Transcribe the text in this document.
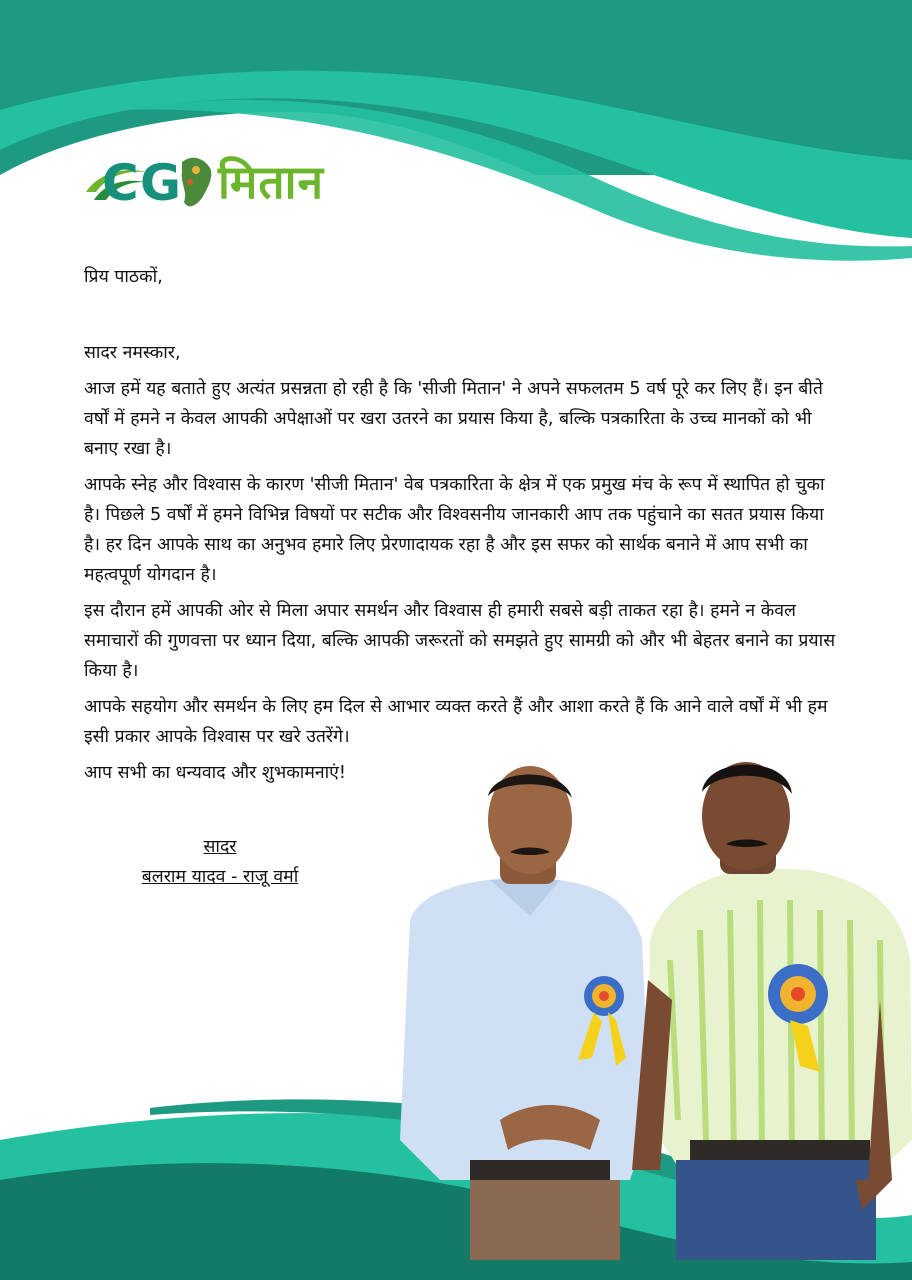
C G मितान

प्रिय पाठकों,

सादर नमस्कार,

आज हमें यह बताते हुए अत्यंत प्रसन्नता हो रही है कि 'सीजी मितान' ने अपने सफलतम 5 वर्ष पूरे कर लिए हैं। इन बीते वर्षों में हमने न केवल आपकी अपेक्षाओं पर खरा उतरने का प्रयास किया है, बल्कि पत्रकारिता के उच्च मानकों को भी बनाए रखा है।

आपके स्नेह और विश्वास के कारण 'सीजी मितान' वेब पत्रकारिता के क्षेत्र में एक प्रमुख मंच के रूप में स्थापित हो चुका है। पिछले 5 वर्षों में हमने विभिन्न विषयों पर सटीक और विश्वसनीय जानकारी आप तक पहुंचाने का सतत प्रयास किया है। हर दिन आपके साथ का अनुभव हमारे लिए प्रेरणादायक रहा है और इस सफर को सार्थक बनाने में आप सभी का महत्वपूर्ण योगदान है।

इस दौरान हमें आपकी ओर से मिला अपार समर्थन और विश्वास ही हमारी सबसे बड़ी ताकत रहा है। हमने न केवल समाचारों की गुणवत्ता पर ध्यान दिया, बल्कि आपकी जरूरतों को समझते हुए सामग्री को और भी बेहतर बनाने का प्रयास किया है।

आपके सहयोग और समर्थन के लिए हम दिल से आभार व्यक्त करते हैं और आशा करते हैं कि आने वाले वर्षों में भी हम इसी प्रकार आपके विश्वास पर खरे उतरेंगे।

आप सभी का धन्यवाद और शुभकामनाएं!

सादर
बलराम यादव - राजू वर्मा
